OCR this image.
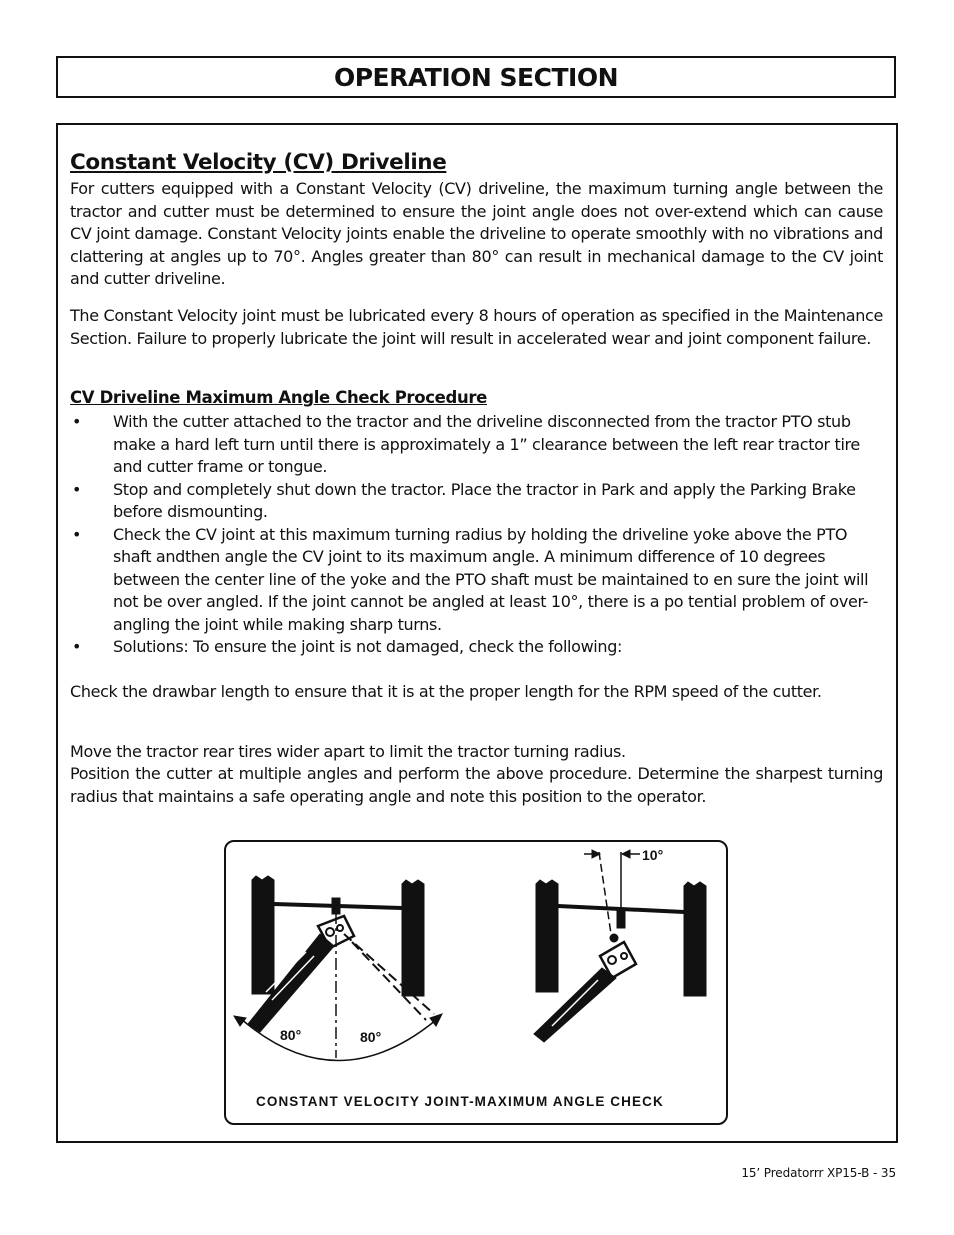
OPERATION SECTION
Constant Velocity (CV) Driveline

For cutters equipped with a Constant Velocity (CV) driveline, the maximum turning angle between the tractor and cutter must be determined to ensure the joint angle does not over-extend which can cause CV joint damage. Constant Velocity joints enable the driveline to operate smoothly with no vibrations and clattering at angles up to 70°. Angles greater than 80° can result in mechanical damage to the CV joint and cutter driveline.

The Constant Velocity joint must be lubricated every 8 hours of operation as specified in the Maintenance Section. Failure to properly lubricate the joint will result in accelerated wear and joint component failure.

CV Driveline Maximum Angle Check Procedure
• With the cutter attached to the tractor and the driveline disconnected from the tractor PTO stub make a hard left turn until there is approximately a 1” clearance between the left rear tractor tire and cutter frame or tongue.
• Stop and completely shut down the tractor. Place the tractor in Park and apply the Parking Brake before dismounting.
• Check the CV joint at this maximum turning radius by holding the driveline yoke above the PTO shaft andthen angle the CV joint to its maximum angle. A minimum difference of 10 degrees between the center line of the yoke and the PTO shaft must be maintained to en sure the joint will not be over angled. If the joint cannot be angled at least 10°, there is a po tential problem of over-angling the joint while making sharp turns.
• Solutions: To ensure the joint is not damaged, check the following:

Check the drawbar length to ensure that it is at the proper length for the RPM speed of the cutter.

Move the tractor rear tires wider apart to limit the tractor turning radius.

Position the cutter at multiple angles and perform the above procedure. Determine the sharpest turning radius that maintains a safe operating angle and note this position to the operator.

80°	80°
10°

CONSTANT VELOCITY JOINT-MAXIMUM ANGLE CHECK

15’ Predatorrr XP15-B - 35
